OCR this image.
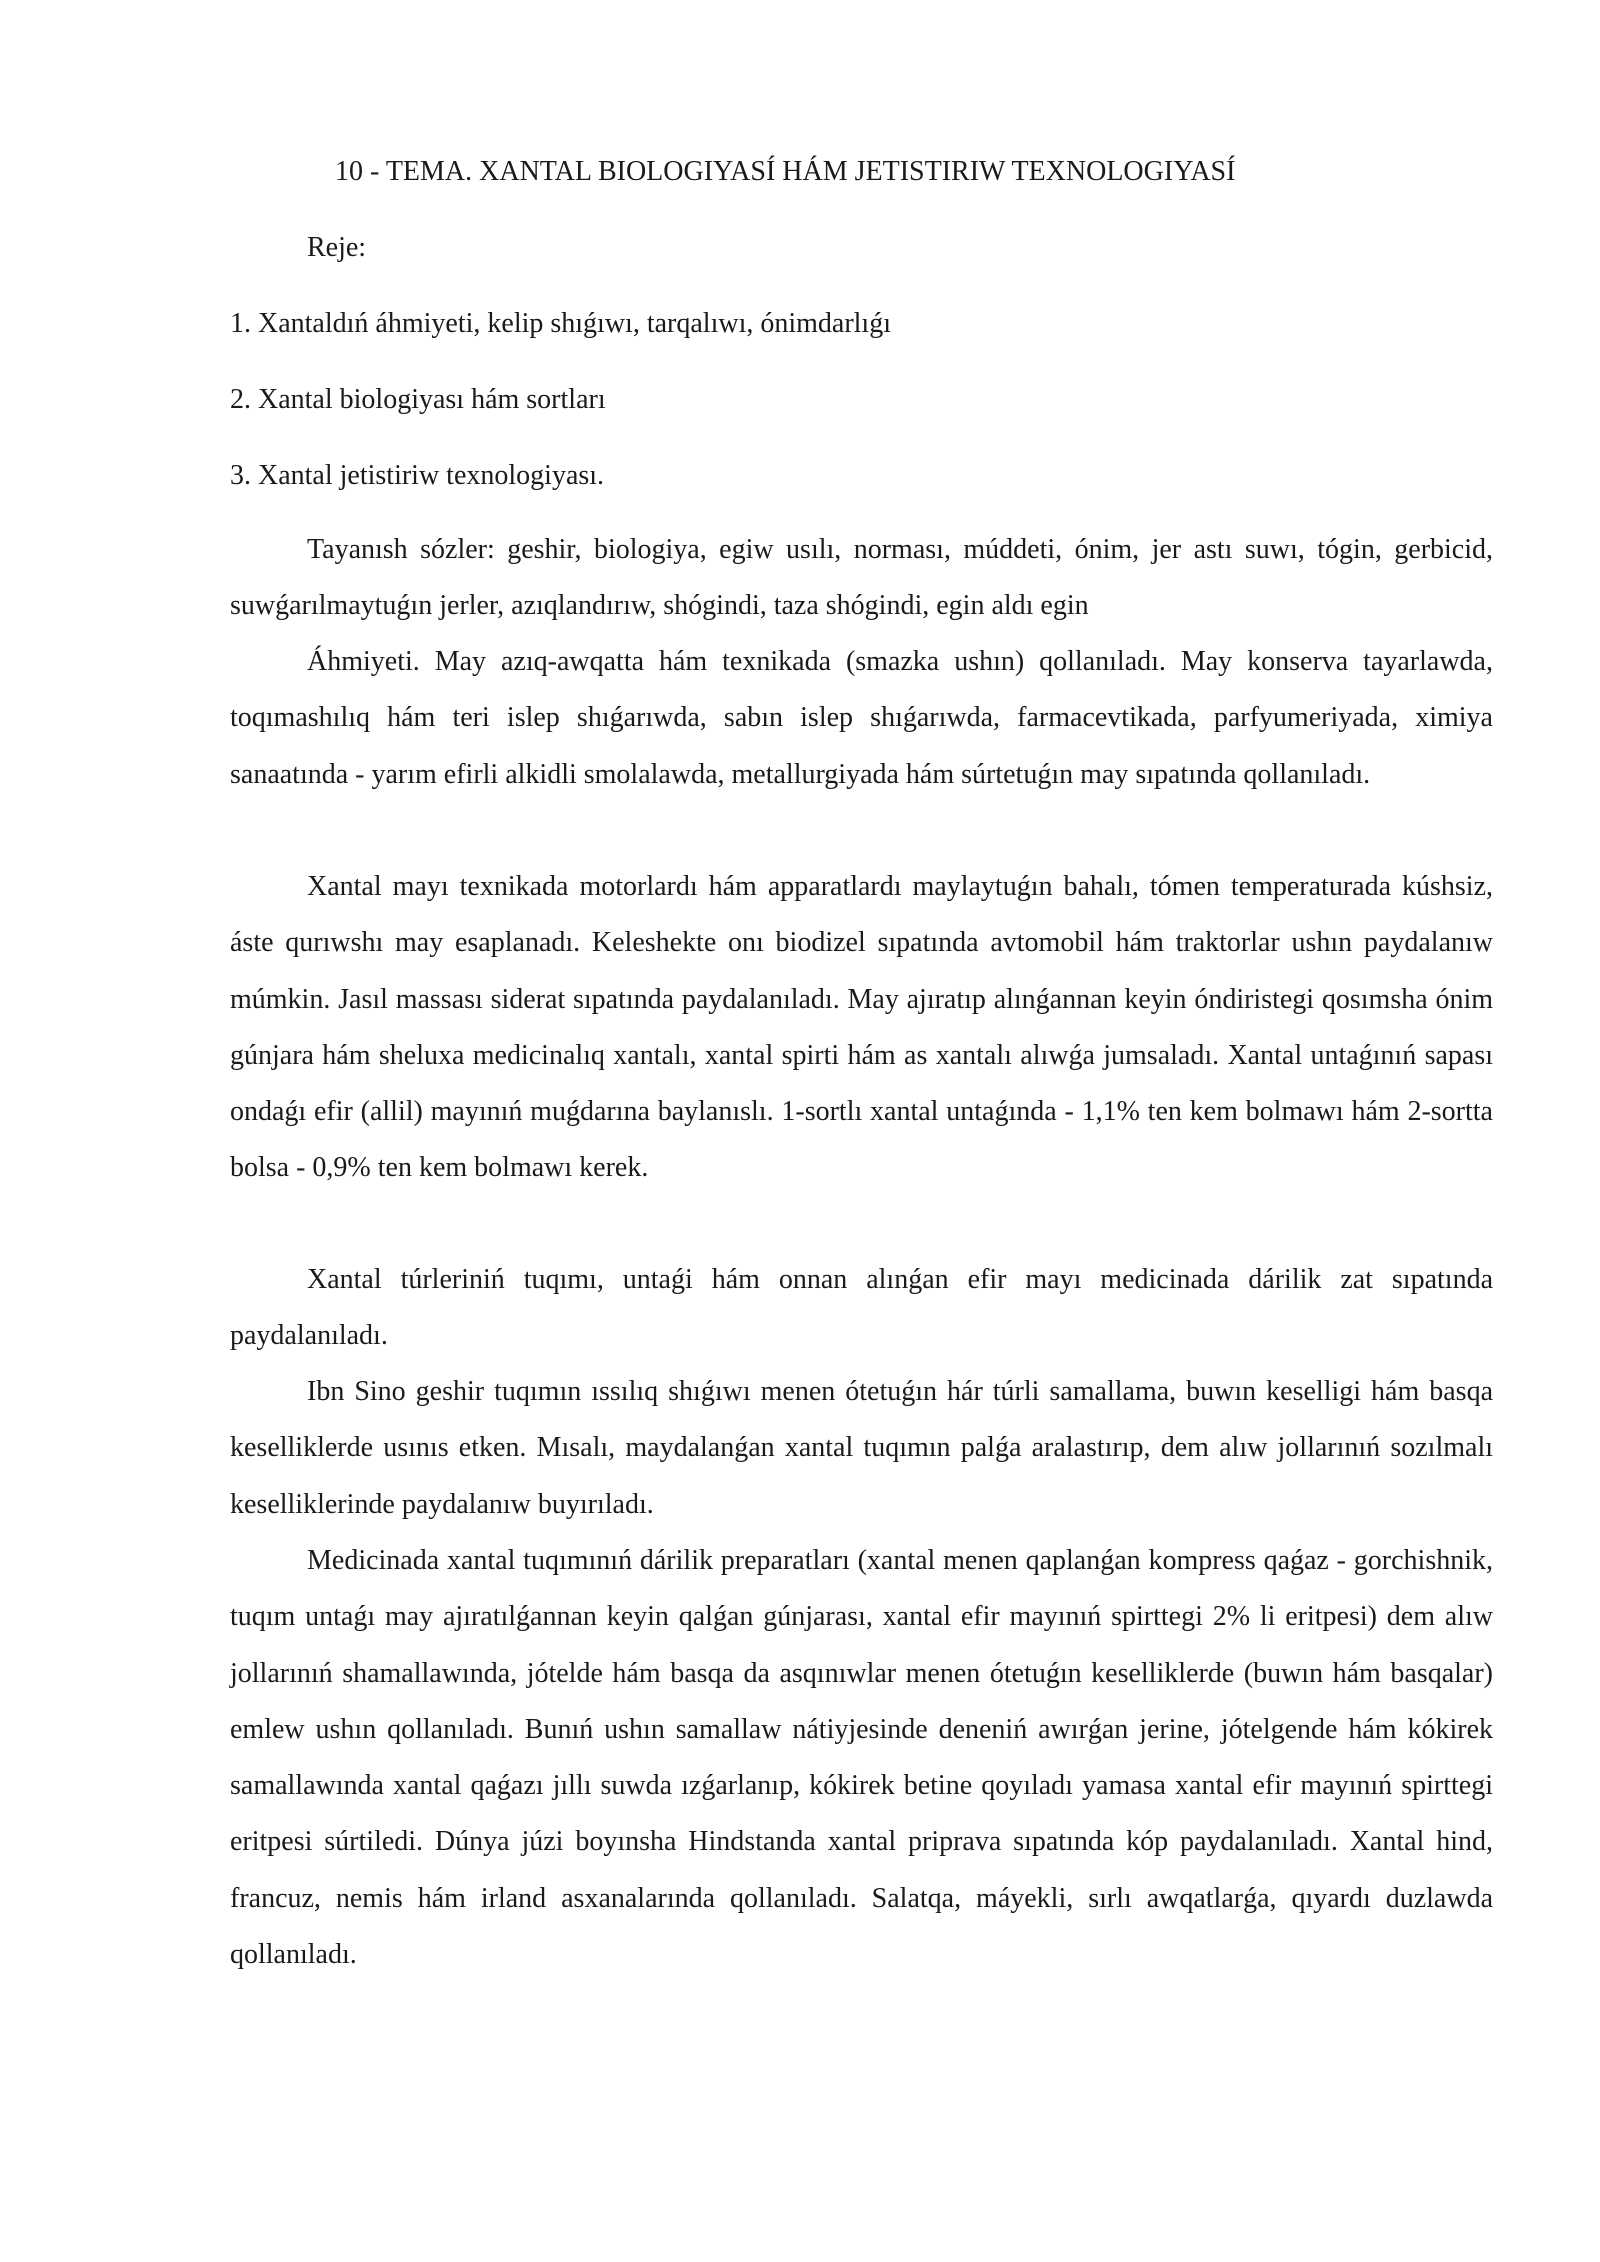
10 - TEMA. XANTAL BIOLOGIYASÍ HÁM JETISTIRIW TEXNOLOGIYASÍ
Reje:
1. Xantaldıń áhmiyeti, kelip shıǵıwı, tarqalıwı, ónimdarlıǵı
2. Xantal biologiyası hám sortları
3. Xantal jetistiriw texnologiyası.

Tayanısh sózler: geshir, biologiya, egiw usılı, norması, múddeti, ónim, jer astı suwı, tógin, gerbicid, suwǵarılmaytuǵın jerler, azıqlandırıw, shógindi, taza shógindi, egin aldı egin

Áhmiyeti. May azıq-awqatta hám texnikada (smazka ushın) qollanıladı. May konserva tayarlawda, toqımashılıq hám teri islep shıǵarıwda, sabın islep shıǵarıwda, farmacevtikada, parfyumeriyada, ximiya sanaatında - yarım efirli alkidli smolalawda, metallurgiyada hám súrtetuǵın may sıpatında qollanıladı.

Xantal mayı texnikada motorlardı hám apparatlardı maylaytuǵın bahalı, tómen temperaturada kúshsiz, áste qurıwshı may esaplanadı. Keleshekte onı biodizel sıpatında avtomobil hám traktorlar ushın paydalanıw múmkin. Jasıl massası siderat sıpatında paydalanıladı. May ajıratıp alınǵannan keyin óndiristegi qosımsha ónim gúnjara hám sheluxa medicinalıq xantalı, xantal spirti hám as xantalı alıwǵa jumsaladı. Xantal untaǵınıń sapası ondaǵı efir (allil) mayınıń muǵdarına baylanıslı. 1-sortlı xantal untaǵında - 1,1% ten kem bolmawı hám 2-sortta bolsa - 0,9% ten kem bolmawı kerek.

Xantal túrleriniń tuqımı, untaǵi hám onnan alınǵan efir mayı medicinada dárilik zat sıpatında paydalanıladı.

Ibn Sino geshir tuqımın ıssılıq shıǵıwı menen ótetuǵın hár túrli samallama, buwın keselligi hám basqa keselliklerde usınıs etken. Mısalı, maydalanǵan xantal tuqımın palǵa aralastırıp, dem alıw jollarınıń sozılmalı keselliklerinde paydalanıw buyırıladı.

Medicinada xantal tuqımınıń dárilik preparatları (xantal menen qaplanǵan kompress qaǵaz - gorchishnik, tuqım untaǵı may ajıratılǵannan keyin qalǵan gúnjarası, xantal efir mayınıń spirttegi 2% li eritpesi) dem alıw jollarınıń shamallawında, jótelde hám basqa da asqınıwlar menen ótetuǵın keselliklerde (buwın hám basqalar) emlew ushın qollanıladı. Bunıń ushın samallaw nátiyjesinde deneniń awırǵan jerine, jótelgende hám kókirek samallawında xantal qaǵazı jıllı suwda ızǵarlanıp, kókirek betine qoyıladı yamasa xantal efir mayınıń spirttegi eritpesi súrtiledi. Dúnya júzi boyınsha Hindstanda xantal priprava sıpatında kóp paydalanıladı. Xantal hind, francuz, nemis hám irland asxanalarında qollanıladı. Salatqa, máyekli, sırlı awqatlarǵa, qıyardı duzlawda qollanıladı.
